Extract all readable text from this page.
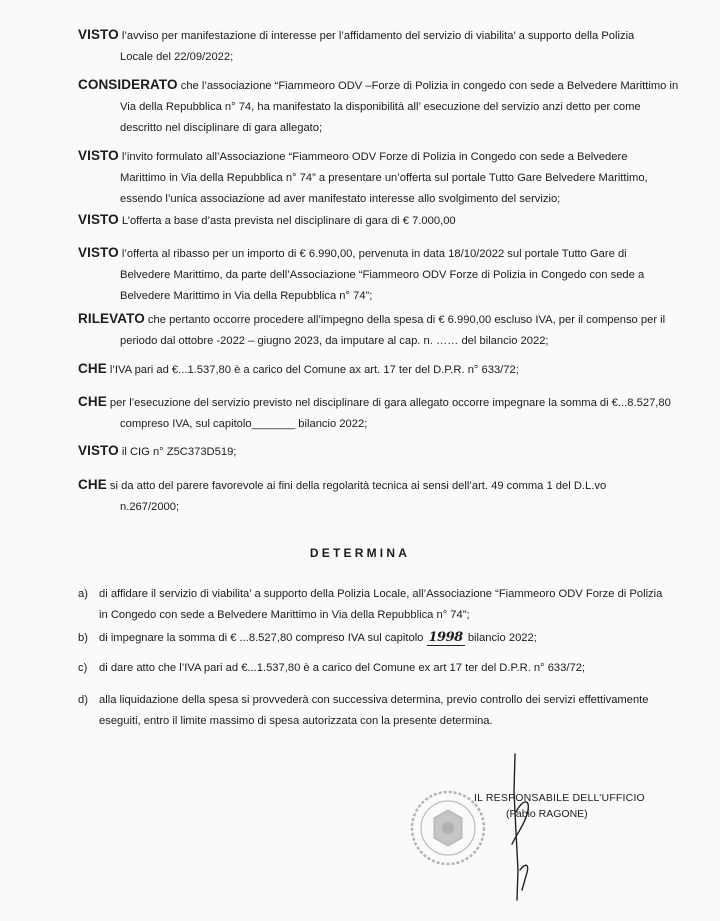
VISTO l’avviso per manifestazione di interesse per l’affidamento del servizio di viabilita’ a supporto della Polizia
Locale del 22/09/2022;
CONSIDERATO che l’associazione “Fiammeoro ODV –Forze di Polizia in congedo con sede a Belvedere Marittimo in
Via della Repubblica n° 74, ha manifestato la disponibilità all’ esecuzione del servizio anzi detto per come
descritto nel disciplinare di gara allegato;
VISTO l’invito formulato all’Associazione “Fiammeoro ODV Forze di Polizia in Congedo con sede a Belvedere
Marittimo in Via della Repubblica n° 74” a presentare un’offerta sul portale Tutto Gare Belvedere Marittimo,
essendo l’unica associazione ad aver manifestato interesse allo svolgimento del servizio;
VISTO L’offerta a base d’asta prevista nel disciplinare di gara di € 7.000,00
VISTO l’offerta al ribasso per un importo di € 6.990,00, pervenuta in data 18/10/2022 sul portale Tutto Gare di
Belvedere Marittimo, da parte dell’Associazione “Fiammeoro ODV Forze di Polizia in Congedo con sede a
Belvedere Marittimo in Via della Repubblica n° 74”;
RILEVATO che pertanto occorre procedere all’impegno della spesa di € 6.990,00 escluso IVA, per il compenso per il
periodo dal ottobre -2022 – giugno 2023, da imputare al cap. n. …… del bilancio 2022;
CHE l’IVA pari ad €...1.537,80 è a carico del Comune ax art. 17 ter del D.P.R. n° 633/72;
CHE per l’esecuzione del servizio previsto nel disciplinare di gara allegato occorre impegnare la somma di €...8.527,80
compreso IVA, sul capitolo_______ bilancio 2022;
VISTO il CIG n° Z5C373D519;
CHE si da atto del parere favorevole ai fini della regolarità tecnica ai sensi dell’art. 49 comma 1 del D.L.vo
n.267/2000;
DETERMINA
a) di affidare il servizio di viabilita’ a supporto della Polizia Locale, all’Associazione “Fiammeoro ODV Forze di Polizia
in Congedo con sede a Belvedere Marittimo in Via della Repubblica n° 74”;
b) di impegnare la somma di € ...8.527,80 compreso IVA sul capitolo 1998 bilancio 2022;
c)	di dare atto che l’IVA pari ad €...1.537,80 è a carico del Comune ex art 17 ter del D.P.R. n° 633/72;
d) alla liquidazione della spesa si provvederà con successiva determina, previo controllo dei servizi effettivamente
eseguiti, entro il limite massimo di spesa autorizzata con la presente determina.
IL RESPONSABILE DELL’UFFICIO
(Fabio RAGONE)
